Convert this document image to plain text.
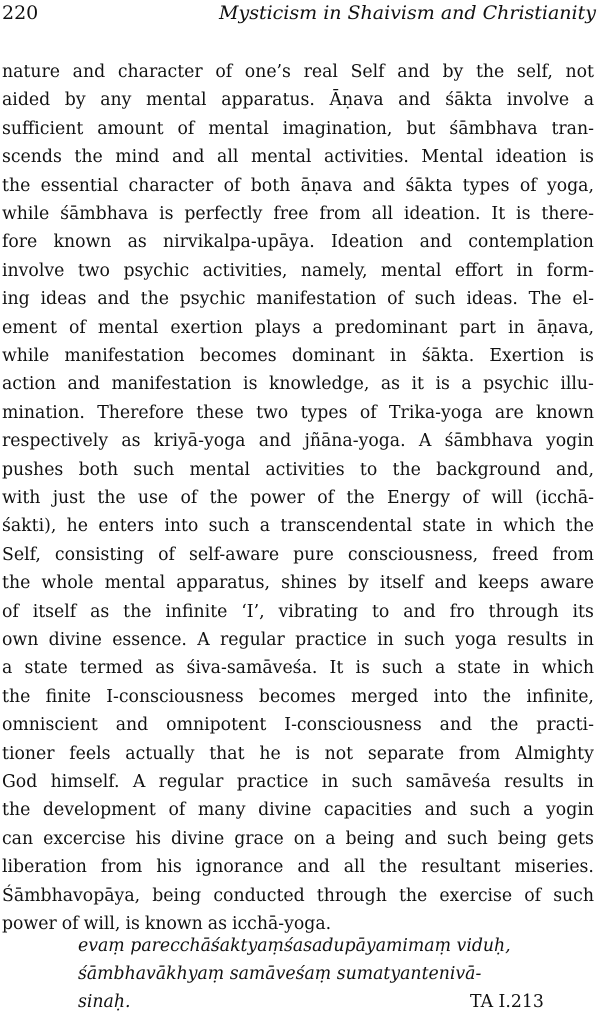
220	Mysticism in Shaivism and Christianity
nature and character of one’s real Self and by the self, not
aided by any mental apparatus. Āṇava and śākta involve a
sufficient amount of mental imagination, but śāmbhava tran-
scends the mind and all mental activities. Mental ideation is
the essential character of both āṇava and śākta types of yoga,
while śāmbhava is perfectly free from all ideation. It is there-
fore known as nirvikalpa-upāya. Ideation and contemplation
involve two psychic activities, namely, mental effort in form-
ing ideas and the psychic manifestation of such ideas. The el-
ement of mental exertion plays a predominant part in āṇava,
while manifestation becomes dominant in śākta. Exertion is
action and manifestation is knowledge, as it is a psychic illu-
mination. Therefore these two types of Trika-yoga are known
respectively as kriyā-yoga and jñāna-yoga. A śāmbhava yogin
pushes both such mental activities to the background and,
with just the use of the power of the Energy of will (icchā-
śakti), he enters into such a transcendental state in which the
Self, consisting of self-aware pure consciousness, freed from
the whole mental apparatus, shines by itself and keeps aware
of itself as the infinite ‘I’, vibrating to and fro through its
own divine essence. A regular practice in such yoga results in
a state termed as śiva-samāveśa. It is such a state in which
the finite I-consciousness becomes merged into the infinite,
omniscient and omnipotent I-consciousness and the practi-
tioner feels actually that he is not separate from Almighty
God himself. A regular practice in such samāveśa results in
the development of many divine capacities and such a yogin
can excercise his divine grace on a being and such being gets
liberation from his ignorance and all the resultant miseries.
Śāmbhavopāya, being conducted through the exercise of such
power of will, is known as icchā-yoga.
evaṃ parecchāśaktyaṃśasadupāyamimaṃ viduḥ,
śāmbhavākhyaṃ samāveśaṃ sumatyantenivā-
sinaḥ.	TA I.213
